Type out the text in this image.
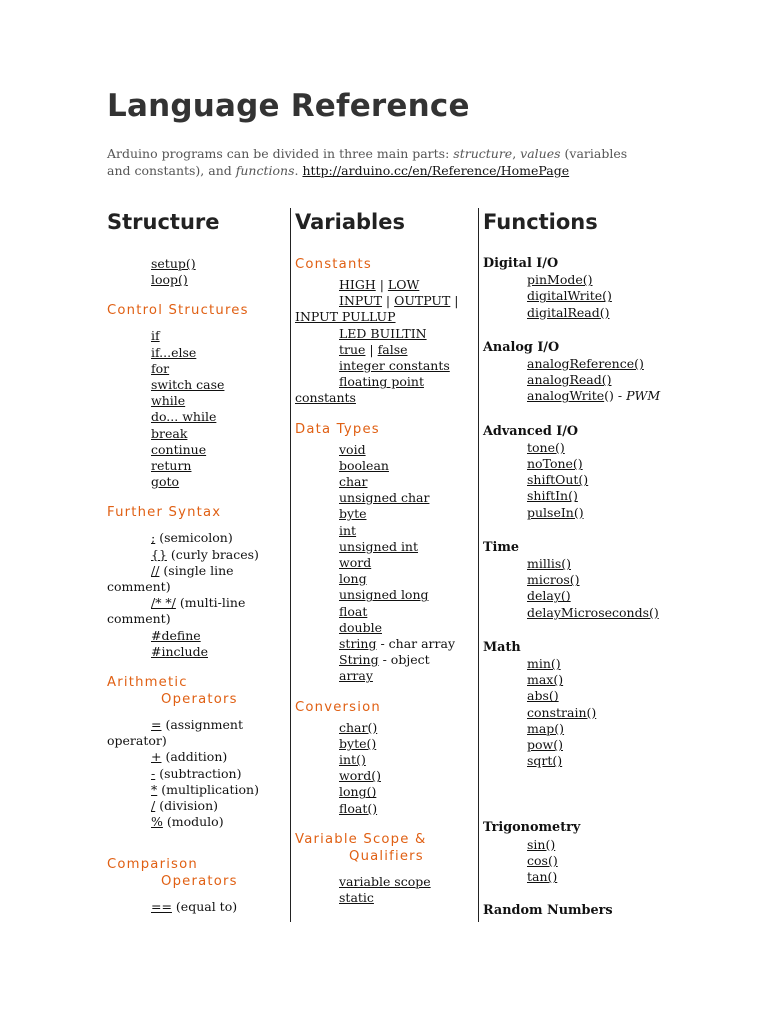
Language Reference
Arduino programs can be divided in three main parts: structure, values (variables and constants), and functions. http://arduino.cc/en/Reference/HomePage
Structure	Variables	Functions
setup()
loop()
Control Structures
if
if...else
for
switch case
while
do... while
break
continue
return
goto
Further Syntax
; (semicolon)
{} (curly braces)
// (single line comment)
/* */ (multi-line comment)
#define
#include
Arithmetic
Operators
= (assignment operator)
+ (addition)
- (subtraction)
* (multiplication)
/ (division)
% (modulo)
Comparison
Operators
== (equal to)
Constants
HIGH | LOW
INPUT | OUTPUT |
INPUT PULLUP
LED BUILTIN
true | false
integer constants
floating point constants
Data Types
void
boolean
char
unsigned char
byte
int
unsigned int
word
long
unsigned long
float
double
string - char array
String - object
array
Conversion
char()
byte()
int()
word()
long()
float()
Variable Scope &
Qualifiers
variable scope
static
Digital I/O
pinMode()
digitalWrite()
digitalRead()
Analog I/O
analogReference()
analogRead()
analogWrite() - PWM
Advanced I/O
tone()
noTone()
shiftOut()
shiftIn()
pulseIn()
Time
millis()
micros()
delay()
delayMicroseconds()
Math
min()
max()
abs()
constrain()
map()
pow()
sqrt()
Trigonometry
sin()
cos()
tan()
Random Numbers
